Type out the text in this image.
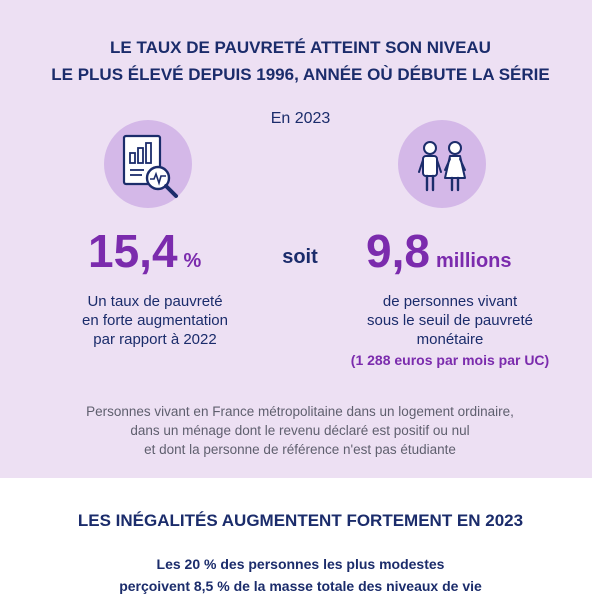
LE TAUX DE PAUVRETÉ ATTEINT SON NIVEAU
LE PLUS ÉLEVÉ DEPUIS 1996, ANNÉE OÙ DÉBUTE LA SÉRIE
En 2023
15,4 %	soit	9,8 millions
Un taux de pauvreté
en forte augmentation
par rapport à 2022
de personnes vivant
sous le seuil de pauvreté
monétaire
(1 288 euros par mois par UC)
Personnes vivant en France métropolitaine dans un logement ordinaire,
dans un ménage dont le revenu déclaré est positif ou nul
et dont la personne de référence n'est pas étudiante
LES INÉGALITÉS AUGMENTENT FORTEMENT EN 2023
Les 20 % des personnes les plus modestes
perçoivent 8,5 % de la masse totale des niveaux de vie
